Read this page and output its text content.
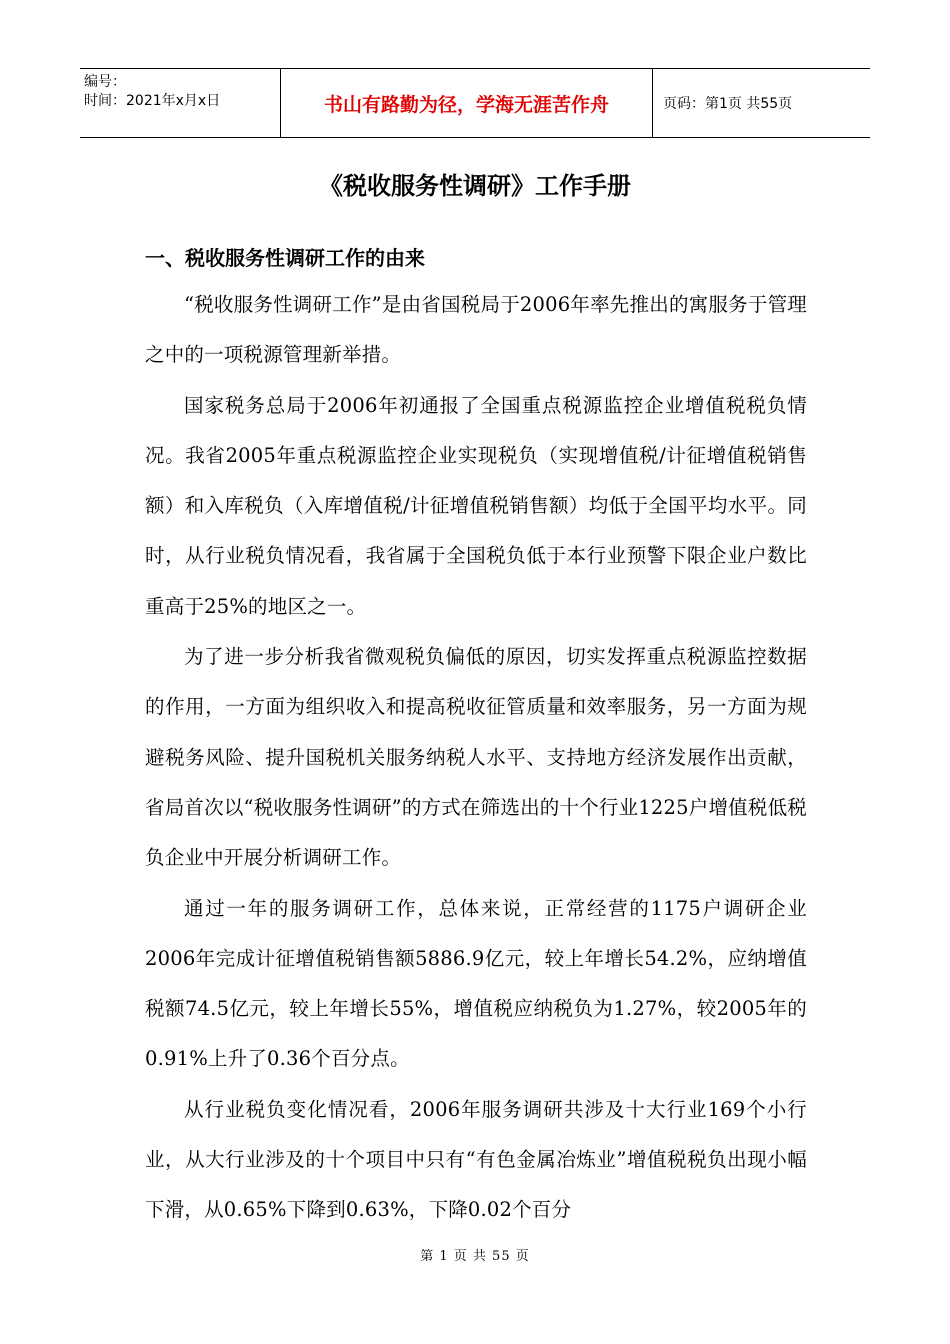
编号：
时间：2021年x月x日	书山有路勤为径，学海无涯苦作舟	页码：第1页 共55页
《税收服务性调研》工作手册
一、税收服务性调研工作的由来

“税收服务性调研工作”是由省国税局于2006年率先推出的寓服务于管理之中的一项税源管理新举措。

国家税务总局于2006年初通报了全国重点税源监控企业增值税税负情况。我省2005年重点税源监控企业实现税负（实现增值税/计征增值税销售额）和入库税负（入库增值税/计征增值税销售额）均低于全国平均水平。同时，从行业税负情况看，我省属于全国税负低于本行业预警下限企业户数比重高于25%的地区之一。

为了进一步分析我省微观税负偏低的原因，切实发挥重点税源监控数据的作用，一方面为组织收入和提高税收征管质量和效率服务，另一方面为规避税务风险、提升国税机关服务纳税人水平、支持地方经济发展作出贡献，省局首次以“税收服务性调研”的方式在筛选出的十个行业1225户增值税低税负企业中开展分析调研工作。

通过一年的服务调研工作，总体来说，正常经营的1175户调研企业2006年完成计征增值税销售额5886.9亿元，较上年增长54.2%，应纳增值税额74.5亿元，较上年增长55%，增值税应纳税负为1.27%，较2005年的0.91%上升了0.36个百分点。

从行业税负变化情况看，2006年服务调研共涉及十大行业169个小行业，从大行业涉及的十个项目中只有“有色金属冶炼业”增值税税负出现小幅下滑，从0.65%下降到0.63%，下降0.02个百分

第 1 页 共 55 页
